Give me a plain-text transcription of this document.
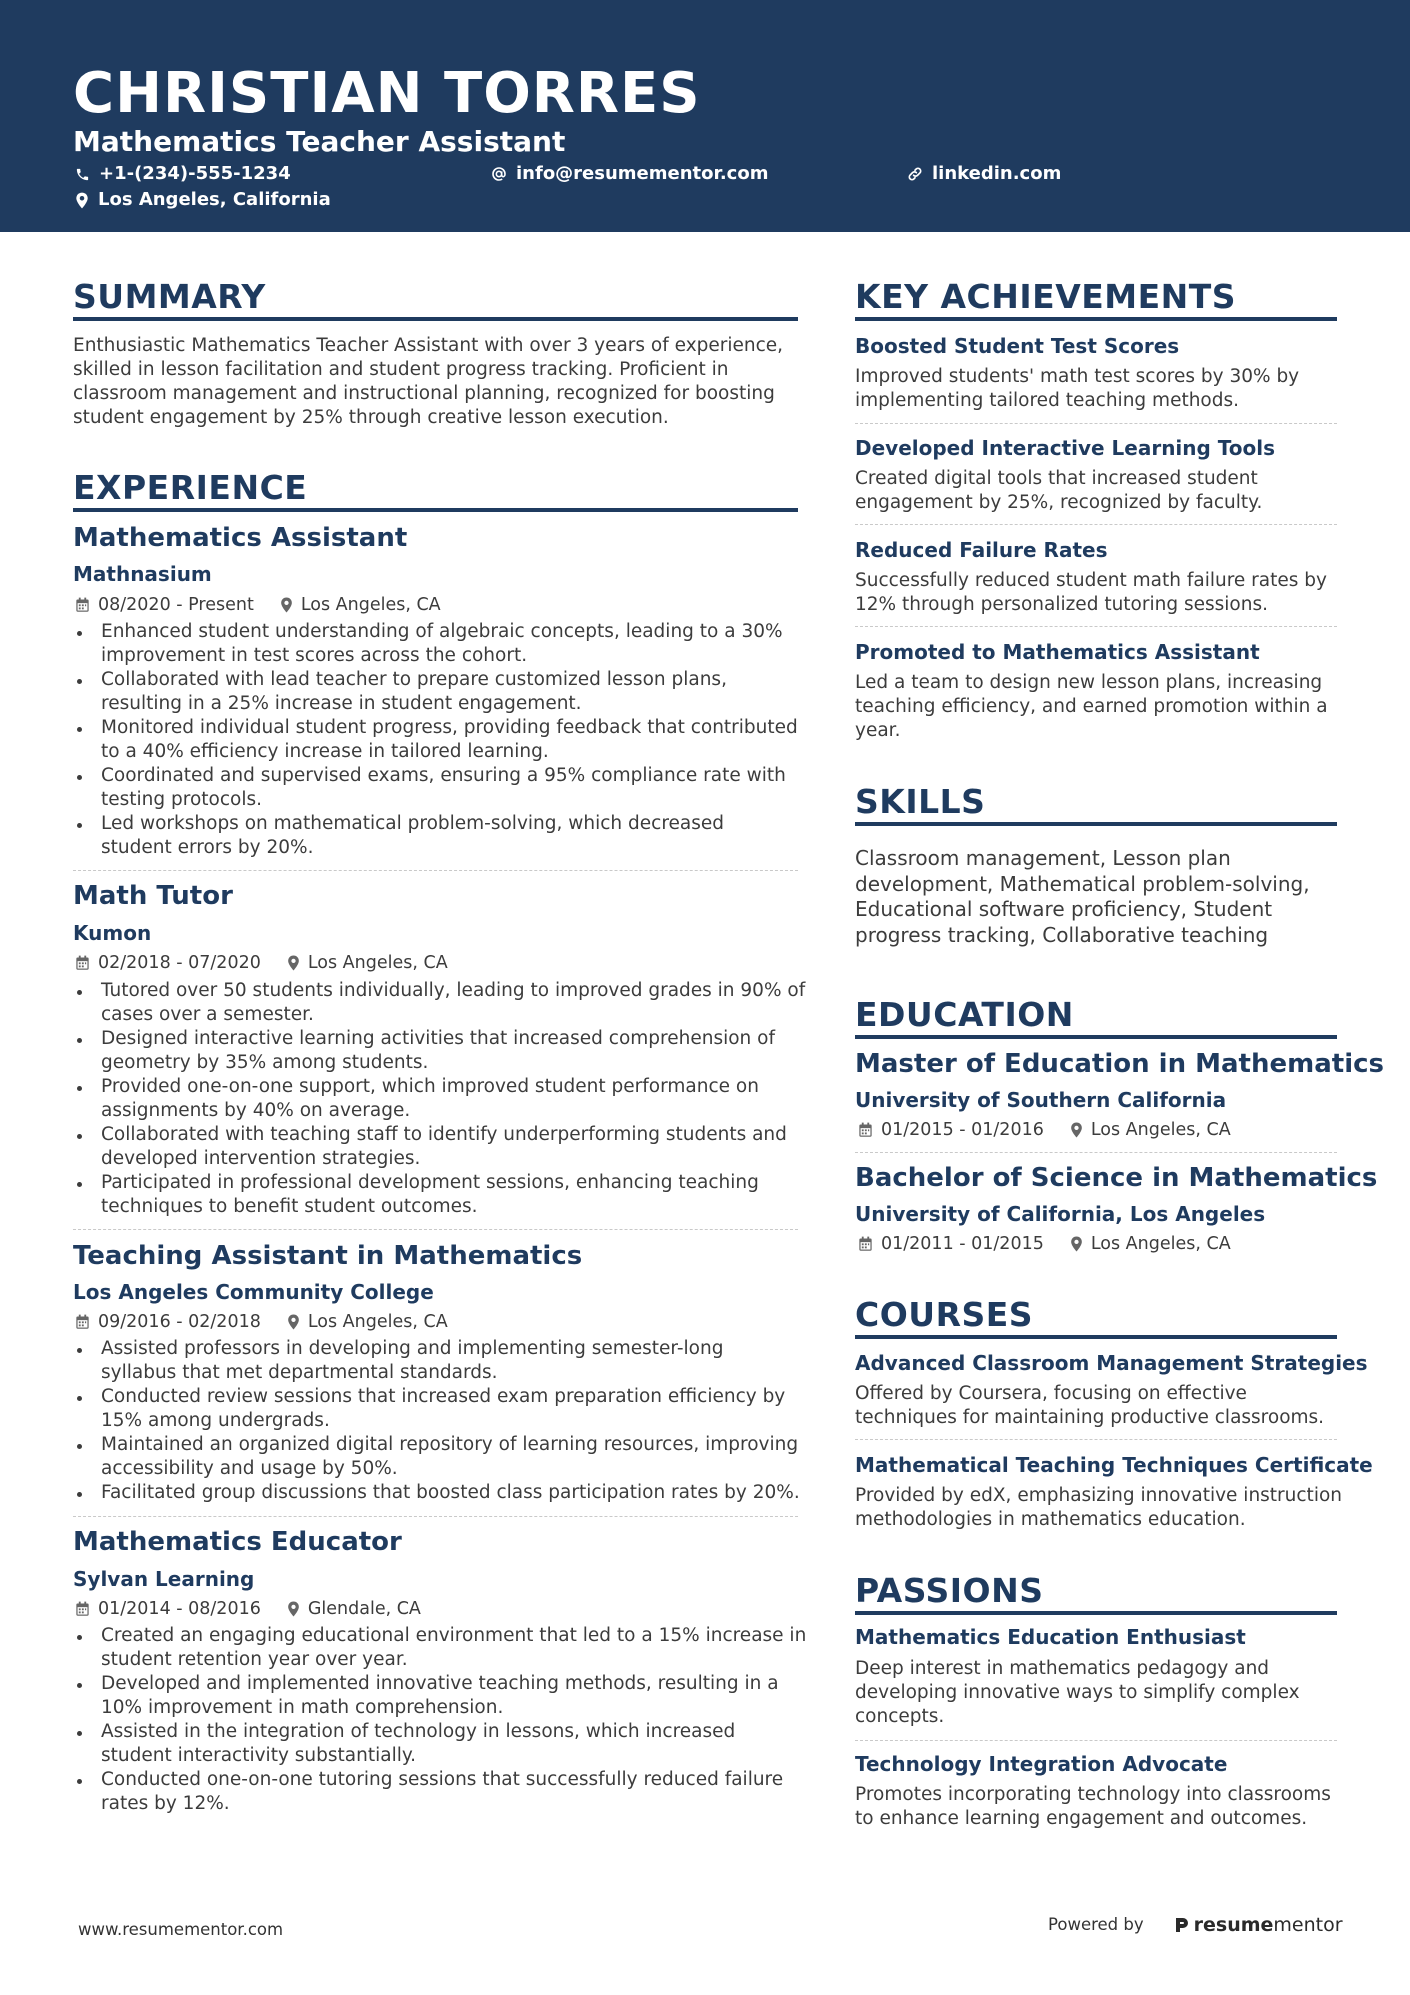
CHRISTIAN TORRES
Mathematics Teacher Assistant
+1-(234)-555-1234	info@resumementor.com	linkedin.com
Los Angeles, California
SUMMARY

Enthusiastic Mathematics Teacher Assistant with over 3 years of experience,
skilled in lesson facilitation and student progress tracking. Proficient in
classroom management and instructional planning, recognized for boosting
student engagement by 25% through creative lesson execution.

EXPERIENCE
Mathematics Assistant
Mathnasium
08/2020 - Present	Los Angeles, CA
Enhanced student understanding of algebraic concepts, leading to a 30%
improvement in test scores across the cohort.
Collaborated with lead teacher to prepare customized lesson plans,
resulting in a 25% increase in student engagement.
Monitored individual student progress, providing feedback that contributed
to a 40% efficiency increase in tailored learning.
Coordinated and supervised exams, ensuring a 95% compliance rate with
testing protocols.
Led workshops on mathematical problem-solving, which decreased
student errors by 20%.
Math Tutor
Kumon
02/2018 - 07/2020	Los Angeles, CA
Tutored over 50 students individually, leading to improved grades in 90% of
cases over a semester.
Designed interactive learning activities that increased comprehension of
geometry by 35% among students.
Provided one-on-one support, which improved student performance on
assignments by 40% on average.
Collaborated with teaching staff to identify underperforming students and
developed intervention strategies.
Participated in professional development sessions, enhancing teaching
techniques to benefit student outcomes.
Teaching Assistant in Mathematics
Los Angeles Community College
09/2016 - 02/2018	Los Angeles, CA
Assisted professors in developing and implementing semester-long
syllabus that met departmental standards.
Conducted review sessions that increased exam preparation efficiency by
15% among undergrads.
Maintained an organized digital repository of learning resources, improving
accessibility and usage by 50%.
Facilitated group discussions that boosted class participation rates by 20%.
Mathematics Educator
Sylvan Learning
01/2014 - 08/2016	Glendale, CA
Created an engaging educational environment that led to a 15% increase in
student retention year over year.
Developed and implemented innovative teaching methods, resulting in a
10% improvement in math comprehension.
Assisted in the integration of technology in lessons, which increased
student interactivity substantially.
Conducted one-on-one tutoring sessions that successfully reduced failure
rates by 12%.
KEY ACHIEVEMENTS
Boosted Student Test Scores

Improved students' math test scores by 30% by
implementing tailored teaching methods.

Developed Interactive Learning Tools

Created digital tools that increased student
engagement by 25%, recognized by faculty.

Reduced Failure Rates

Successfully reduced student math failure rates by
12% through personalized tutoring sessions.

Promoted to Mathematics Assistant

Led a team to design new lesson plans, increasing
teaching efficiency, and earned promotion within a
year.

SKILLS

Classroom management, Lesson plan
development, Mathematical problem-solving,
Educational software proficiency, Student
progress tracking, Collaborative teaching

EDUCATION
Master of Education in Mathematics
University of Southern California
01/2015 - 01/2016	Los Angeles, CA
Bachelor of Science in Mathematics
University of California, Los Angeles
01/2011 - 01/2015	Los Angeles, CA
COURSES
Advanced Classroom Management Strategies

Offered by Coursera, focusing on effective
techniques for maintaining productive classrooms.

Mathematical Teaching Techniques Certificate

Provided by edX, emphasizing innovative instruction
methodologies in mathematics education.

PASSIONS
Mathematics Education Enthusiast

Deep interest in mathematics pedagogy and
developing innovative ways to simplify complex
concepts.

Technology Integration Advocate

Promotes incorporating technology into classrooms
to enhance learning engagement and outcomes.

www.resumementor.com	Powered by	resume mentor
